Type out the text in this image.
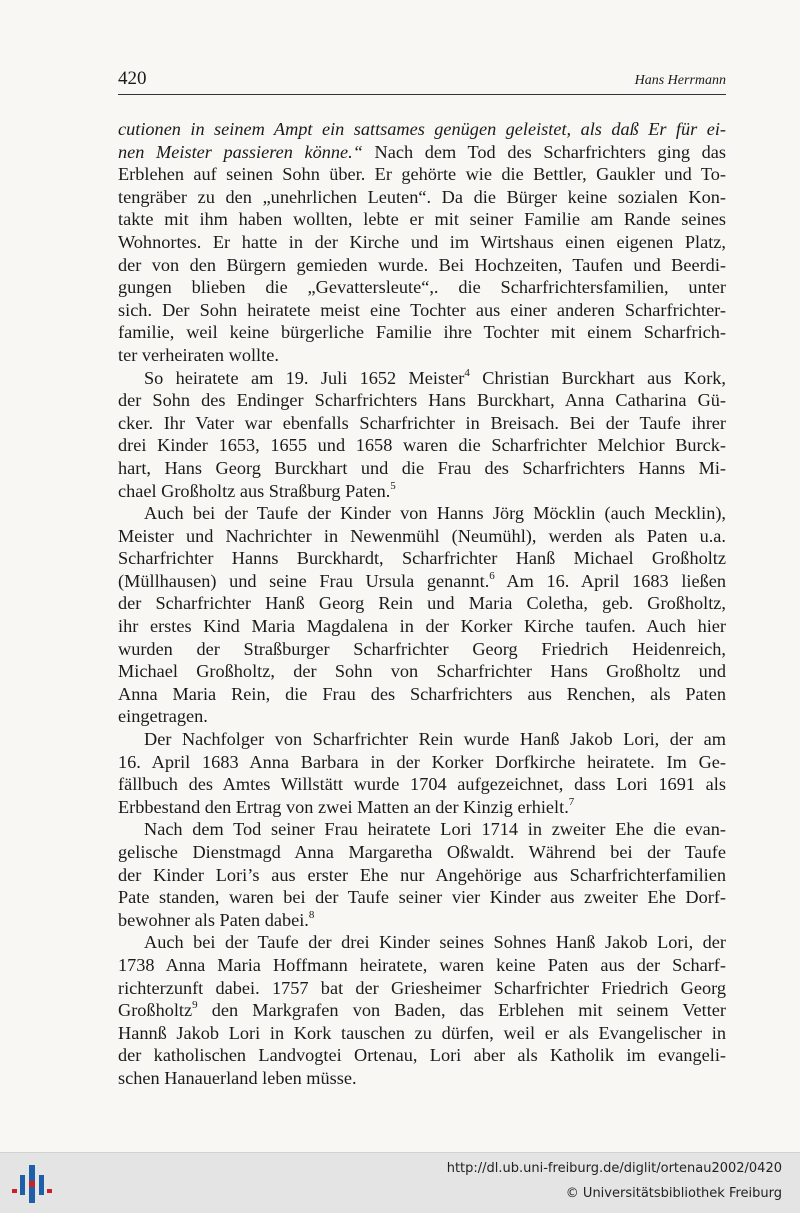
420	Hans Herrmann
cutionen in seinem Ampt ein sattsames genügen geleistet, als daß Er für ei-
nen Meister passieren könne.“ Nach dem Tod des Scharfrichters ging das
Erblehen auf seinen Sohn über. Er gehörte wie die Bettler, Gaukler und To-
tengräber zu den „unehrlichen Leuten“. Da die Bürger keine sozialen Kon-
takte mit ihm haben wollten, lebte er mit seiner Familie am Rande seines
Wohnortes. Er hatte in der Kirche und im Wirtshaus einen eigenen Platz,
der von den Bürgern gemieden wurde. Bei Hochzeiten, Taufen und Beerdi-
gungen blieben die „Gevattersleute“,. die Scharfrichtersfamilien, unter
sich. Der Sohn heiratete meist eine Tochter aus einer anderen Scharfrichter-
familie, weil keine bürgerliche Familie ihre Tochter mit einem Scharfrich-
ter verheiraten wollte.
So heiratete am 19. Juli 1652 Meister$^4$ Christian Burckhart aus Kork,
der Sohn des Endinger Scharfrichters Hans Burckhart, Anna Catharina Gü-
cker. Ihr Vater war ebenfalls Scharfrichter in Breisach. Bei der Taufe ihrer
drei Kinder 1653, 1655 und 1658 waren die Scharfrichter Melchior Burck-
hart, Hans Georg Burckhart und die Frau des Scharfrichters Hanns Mi-
chael Großholtz aus Straßburg Paten.$^5$
Auch bei der Taufe der Kinder von Hanns Jörg Möcklin (auch Mecklin),
Meister und Nachrichter in Newenmühl (Neumühl), werden als Paten u.a.
Scharfrichter Hanns Burckhardt, Scharfrichter Hanß Michael Großholtz
(Müllhausen) und seine Frau Ursula genannt.$^6$ Am 16. April 1683 ließen
der Scharfrichter Hanß Georg Rein und Maria Coletha, geb. Großholtz,
ihr erstes Kind Maria Magdalena in der Korker Kirche taufen. Auch hier
wurden der Straßburger Scharfrichter Georg Friedrich Heidenreich,
Michael Großholtz, der Sohn von Scharfrichter Hans Großholtz und
Anna Maria Rein, die Frau des Scharfrichters aus Renchen, als Paten
eingetragen.
Der Nachfolger von Scharfrichter Rein wurde Hanß Jakob Lori, der am
16. April 1683 Anna Barbara in der Korker Dorfkirche heiratete. Im Ge-
fällbuch des Amtes Willstätt wurde 1704 aufgezeichnet, dass Lori 1691 als
Erbbestand den Ertrag von zwei Matten an der Kinzig erhielt.$^7$
Nach dem Tod seiner Frau heiratete Lori 1714 in zweiter Ehe die evan-
gelische Dienstmagd Anna Margaretha Oßwaldt. Während bei der Taufe
der Kinder Lori’s aus erster Ehe nur Angehörige aus Scharfrichterfamilien
Pate standen, waren bei der Taufe seiner vier Kinder aus zweiter Ehe Dorf-
bewohner als Paten dabei.$^8$
Auch bei der Taufe der drei Kinder seines Sohnes Hanß Jakob Lori, der
1738 Anna Maria Hoffmann heiratete, waren keine Paten aus der Scharf-
richterzunft dabei. 1757 bat der Griesheimer Scharfrichter Friedrich Georg
Großholtz$^9$ den Markgrafen von Baden, das Erblehen mit seinem Vetter
Hannß Jakob Lori in Kork tauschen zu dürfen, weil er als Evangelischer in
der katholischen Landvogtei Ortenau, Lori aber als Katholik im evangeli-
schen Hanauerland leben müsse.
http://dl.ub.uni-freiburg.de/diglit/ortenau2002/0420
© Universitätsbibliothek Freiburg
